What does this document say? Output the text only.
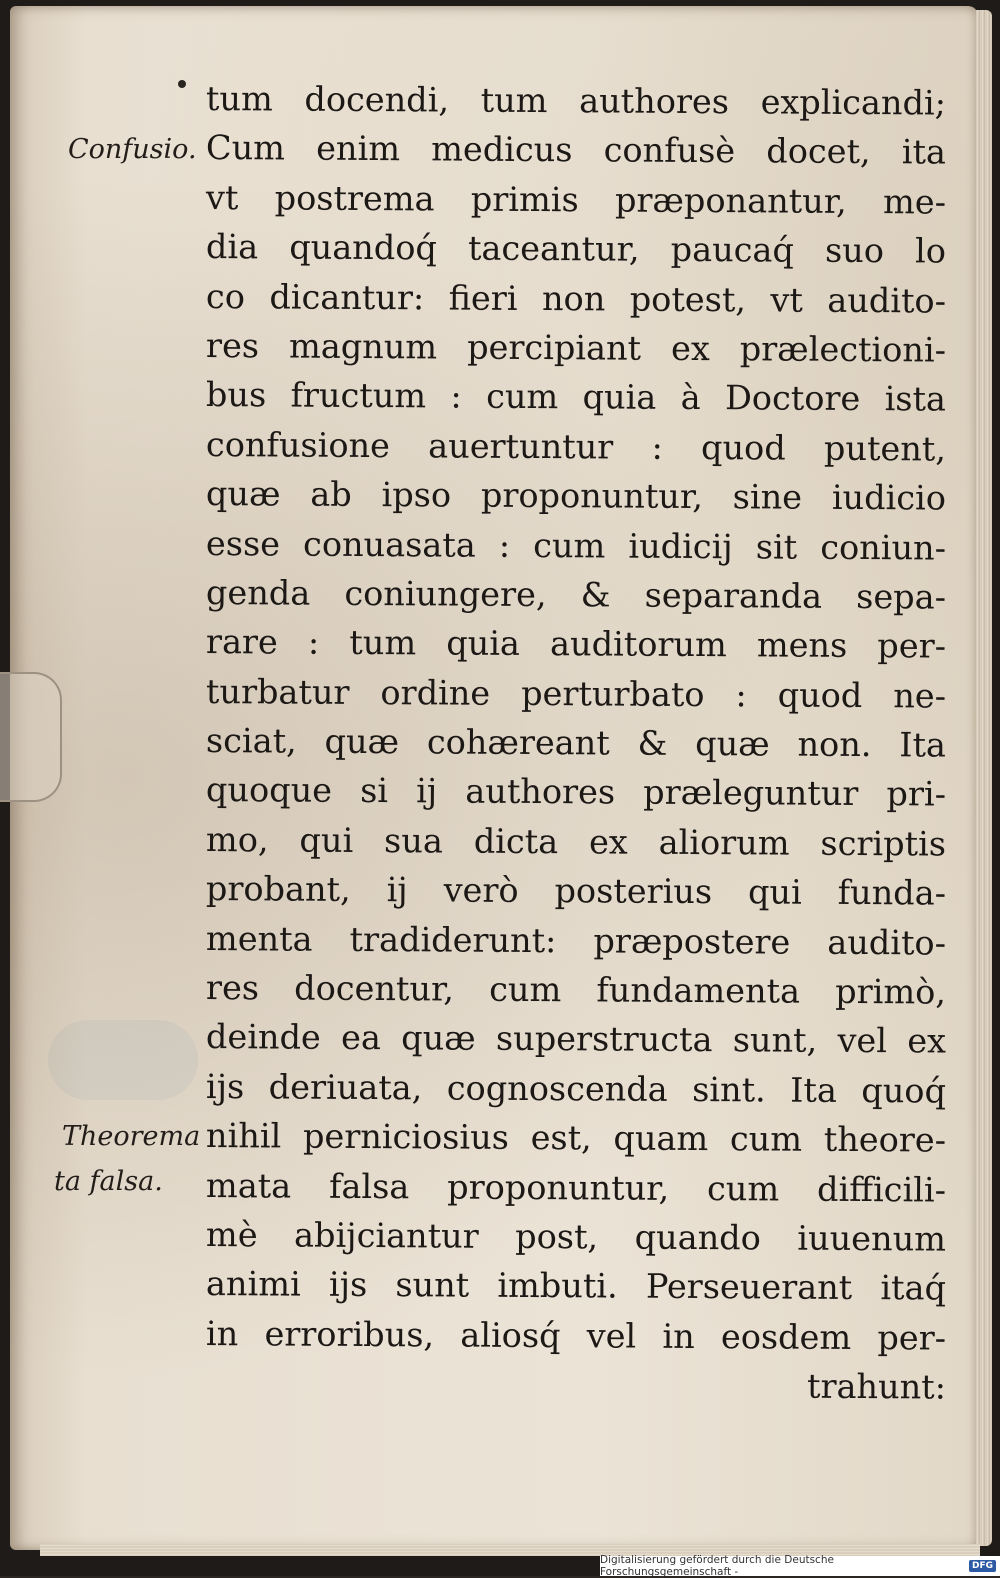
Confusio.
Theorema
ta falsa.
tum docendi, tum authores explicandi;
Cum enim medicus confusè docet, ita
vt postrema primis præponantur, me-
dia quandoq́ taceantur, paucaq́ suo lo
co dicantur: fieri non potest, vt audito-
res magnum percipiant ex prælectioni-
bus fructum : cum quia à Doctore ista
confusione auertuntur : quod putent,
quæ ab ipso proponuntur, sine iudicio
esse conuasata : cum iudicij sit coniun-
genda coniungere, & separanda sepa-
rare : tum quia auditorum mens per-
turbatur ordine perturbato : quod ne-
sciat, quæ cohæreant & quæ non. Ita
quoque si ij authores præleguntur pri-
mo, qui sua dicta ex aliorum scriptis
probant, ij verò posterius qui funda-
menta tradiderunt: præpostere audito-
res docentur, cum fundamenta primò,
deinde ea quæ superstructa sunt, vel ex
ijs deriuata, cognoscenda sint. Ita quoq́
nihil perniciosius est, quam cum theore-
mata falsa proponuntur, cum difficili-
mè abijciantur post, quando iuuenum
animi ijs sunt imbuti. Perseuerant itaq́
in erroribus, aliosq́ vel in eosdem per-
trahunt:
Digitalisierung gefördert durch die Deutsche Forschungsgemeinschaft -	DFG
